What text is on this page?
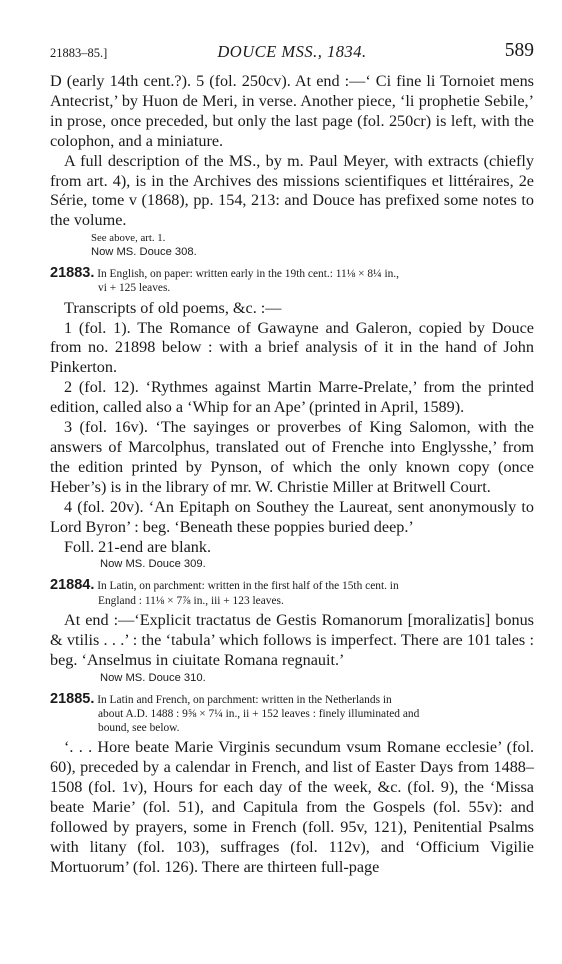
21883–85.]	DOUCE MSS., 1834.	589

D (early 14th cent.?). 5 (fol. 250cv). At end :—‘ Ci fine li Tornoiet mens Antecrist,’ by Huon de Meri, in verse. Another piece, ‘li prophetie Sebile,’ in prose, once preceded, but only the last page (fol. 250cr) is left, with the colophon, and a miniature.

A full description of the MS., by m. Paul Meyer, with extracts (chiefly from art. 4), is in the Archives des missions scientifiques et littéraires, 2e Série, tome v (1868), pp. 154, 213: and Douce has prefixed some notes to the volume.

See above, art. 1.
Now MS. Douce 308.
21883. In English, on paper: written early in the 19th cent.: 11⅛ × 8¼ in.,
vi + 125 leaves.

Transcripts of old poems, &c. :—

1 (fol. 1). The Romance of Gawayne and Galeron, copied by Douce from no. 21898 below : with a brief analysis of it in the hand of John Pinkerton.

2 (fol. 12). ‘Rythmes against Martin Marre-Prelate,’ from the printed edition, called also a ‘Whip for an Ape’ (printed in April, 1589).

3 (fol. 16v). ‘The sayinges or proverbes of King Salomon, with the answers of Marcolphus, translated out of Frenche into Englysshe,’ from the edition printed by Pynson, of which the only known copy (once Heber’s) is in the library of mr. W. Christie Miller at Britwell Court.

4 (fol. 20v). ‘An Epitaph on Southey the Laureat, sent anonymously to Lord Byron’ : beg. ‘Beneath these poppies buried deep.’

Foll. 21-end are blank.

Now MS. Douce 309.
21884. In Latin, on parchment: written in the first half of the 15th cent. in
England : 11⅛ × 7⅞ in., iii + 123 leaves.

At end :—‘Explicit tractatus de Gestis Romanorum [moralizatis] bonus & vtilis . . .’ : the ‘tabula’ which follows is imperfect. There are 101 tales : beg. ‘Anselmus in ciuitate Romana regnauit.’

Now MS. Douce 310.
21885. In Latin and French, on parchment: written in the Netherlands in
about A.D. 1488 : 9⅝ × 7¼ in., ii + 152 leaves : finely illuminated and
bound, see below.

‘. . . Hore beate Marie Virginis secundum vsum Romane ecclesie’ (fol. 60), preceded by a calendar in French, and list of Easter Days from 1488–1508 (fol. 1v), Hours for each day of the week, &c. (fol. 9), the ‘Missa beate Marie’ (fol. 51), and Capitula from the Gospels (fol. 55v): and followed by prayers, some in French (foll. 95v, 121), Penitential Psalms with litany (fol. 103), suffrages (fol. 112v), and ‘Officium Vigilie Mortuorum’ (fol. 126). There are thirteen full-page
